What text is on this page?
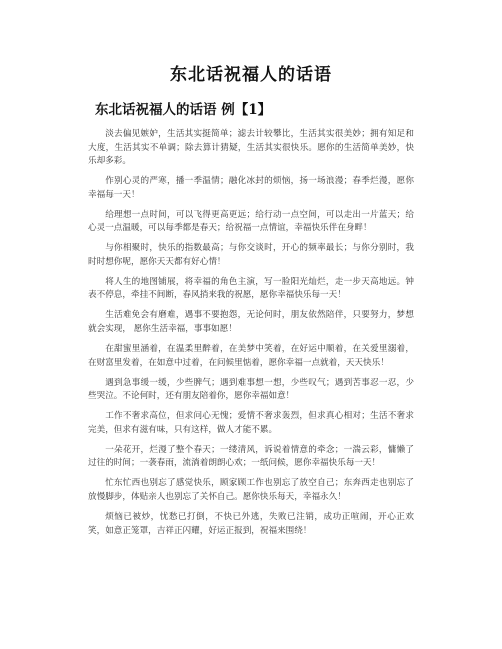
东北话祝福人的话语
东北话祝福人的话语 例【1】

淡去偏见嫉妒，生活其实挺简单；滤去计较攀比，生活其实很美妙；拥有知足和大度，生活其实不单调；除去算计猜疑，生活其实很快乐。愿你的生活简单美妙，快乐却多彩。

作别心灵的严寒，播一季温情；融化冰封的烦恼，扬一场浪漫；春季烂漫，愿你幸福每一天！

给理想一点时间，可以飞得更高更远；给行动一点空间，可以走出一片蓝天；给心灵一点温暖，可以每季都是春天；给祝福一点情谊，幸福快乐伴在身畔！

与你相聚时，快乐的指数最高；与你交谈时，开心的频率最长；与你分别时，我时时想你呢，愿你天天都有好心情！

将人生的地图铺展，将幸福的角色主演，写一脸阳光灿烂，走一步天高地远。钟表不停息，牵挂不间断，春风捎来我的祝愿，愿你幸福快乐每一天！

生活难免会有磨难，遇事不要抱怨，无论何时，朋友依然陪伴，只要努力，梦想就会实现， 愿你生活幸福，事事如愿！

在甜蜜里涵着，在温柔里醉着，在美梦中笑着，在好运中顺着，在关爱里溺着，在财富里发着，在如意中过着，在问候里惦着，愿你幸福一点就着，天天快乐！

遇到急事缓一缓，少些脾气；遇到难事想一想，少些叹气；遇到苦事忍一忍，少些哭泣。不论何时，还有朋友陪着你，愿你幸福如意！

工作不奢求高位，但求问心无愧；爱情不奢求轰烈，但求真心相对；生活不奢求完美，但求有滋有味，只有这样，做人才能不累。

一朵花开，烂漫了整个春天；一缕清风，诉说着情意的牵念；一湍云彩，慵懒了过往的时间；一袭春雨，流淌着朗朗心欢；一纸问候，愿你幸福快乐每一天！

忙东忙西也别忘了感觉快乐，顾家顾工作也别忘了放空自己；东奔西走也别忘了放慢脚步，体贴亲人也别忘了关怀自己。愿你快乐每天，幸福永久！

烦恼已被炒，忧愁已打倒，不快已外逃，失败已注销，成功正喧闹，开心正欢笑，如意正笼罩，吉祥正闪耀，好运正报到，祝福来围绕！
